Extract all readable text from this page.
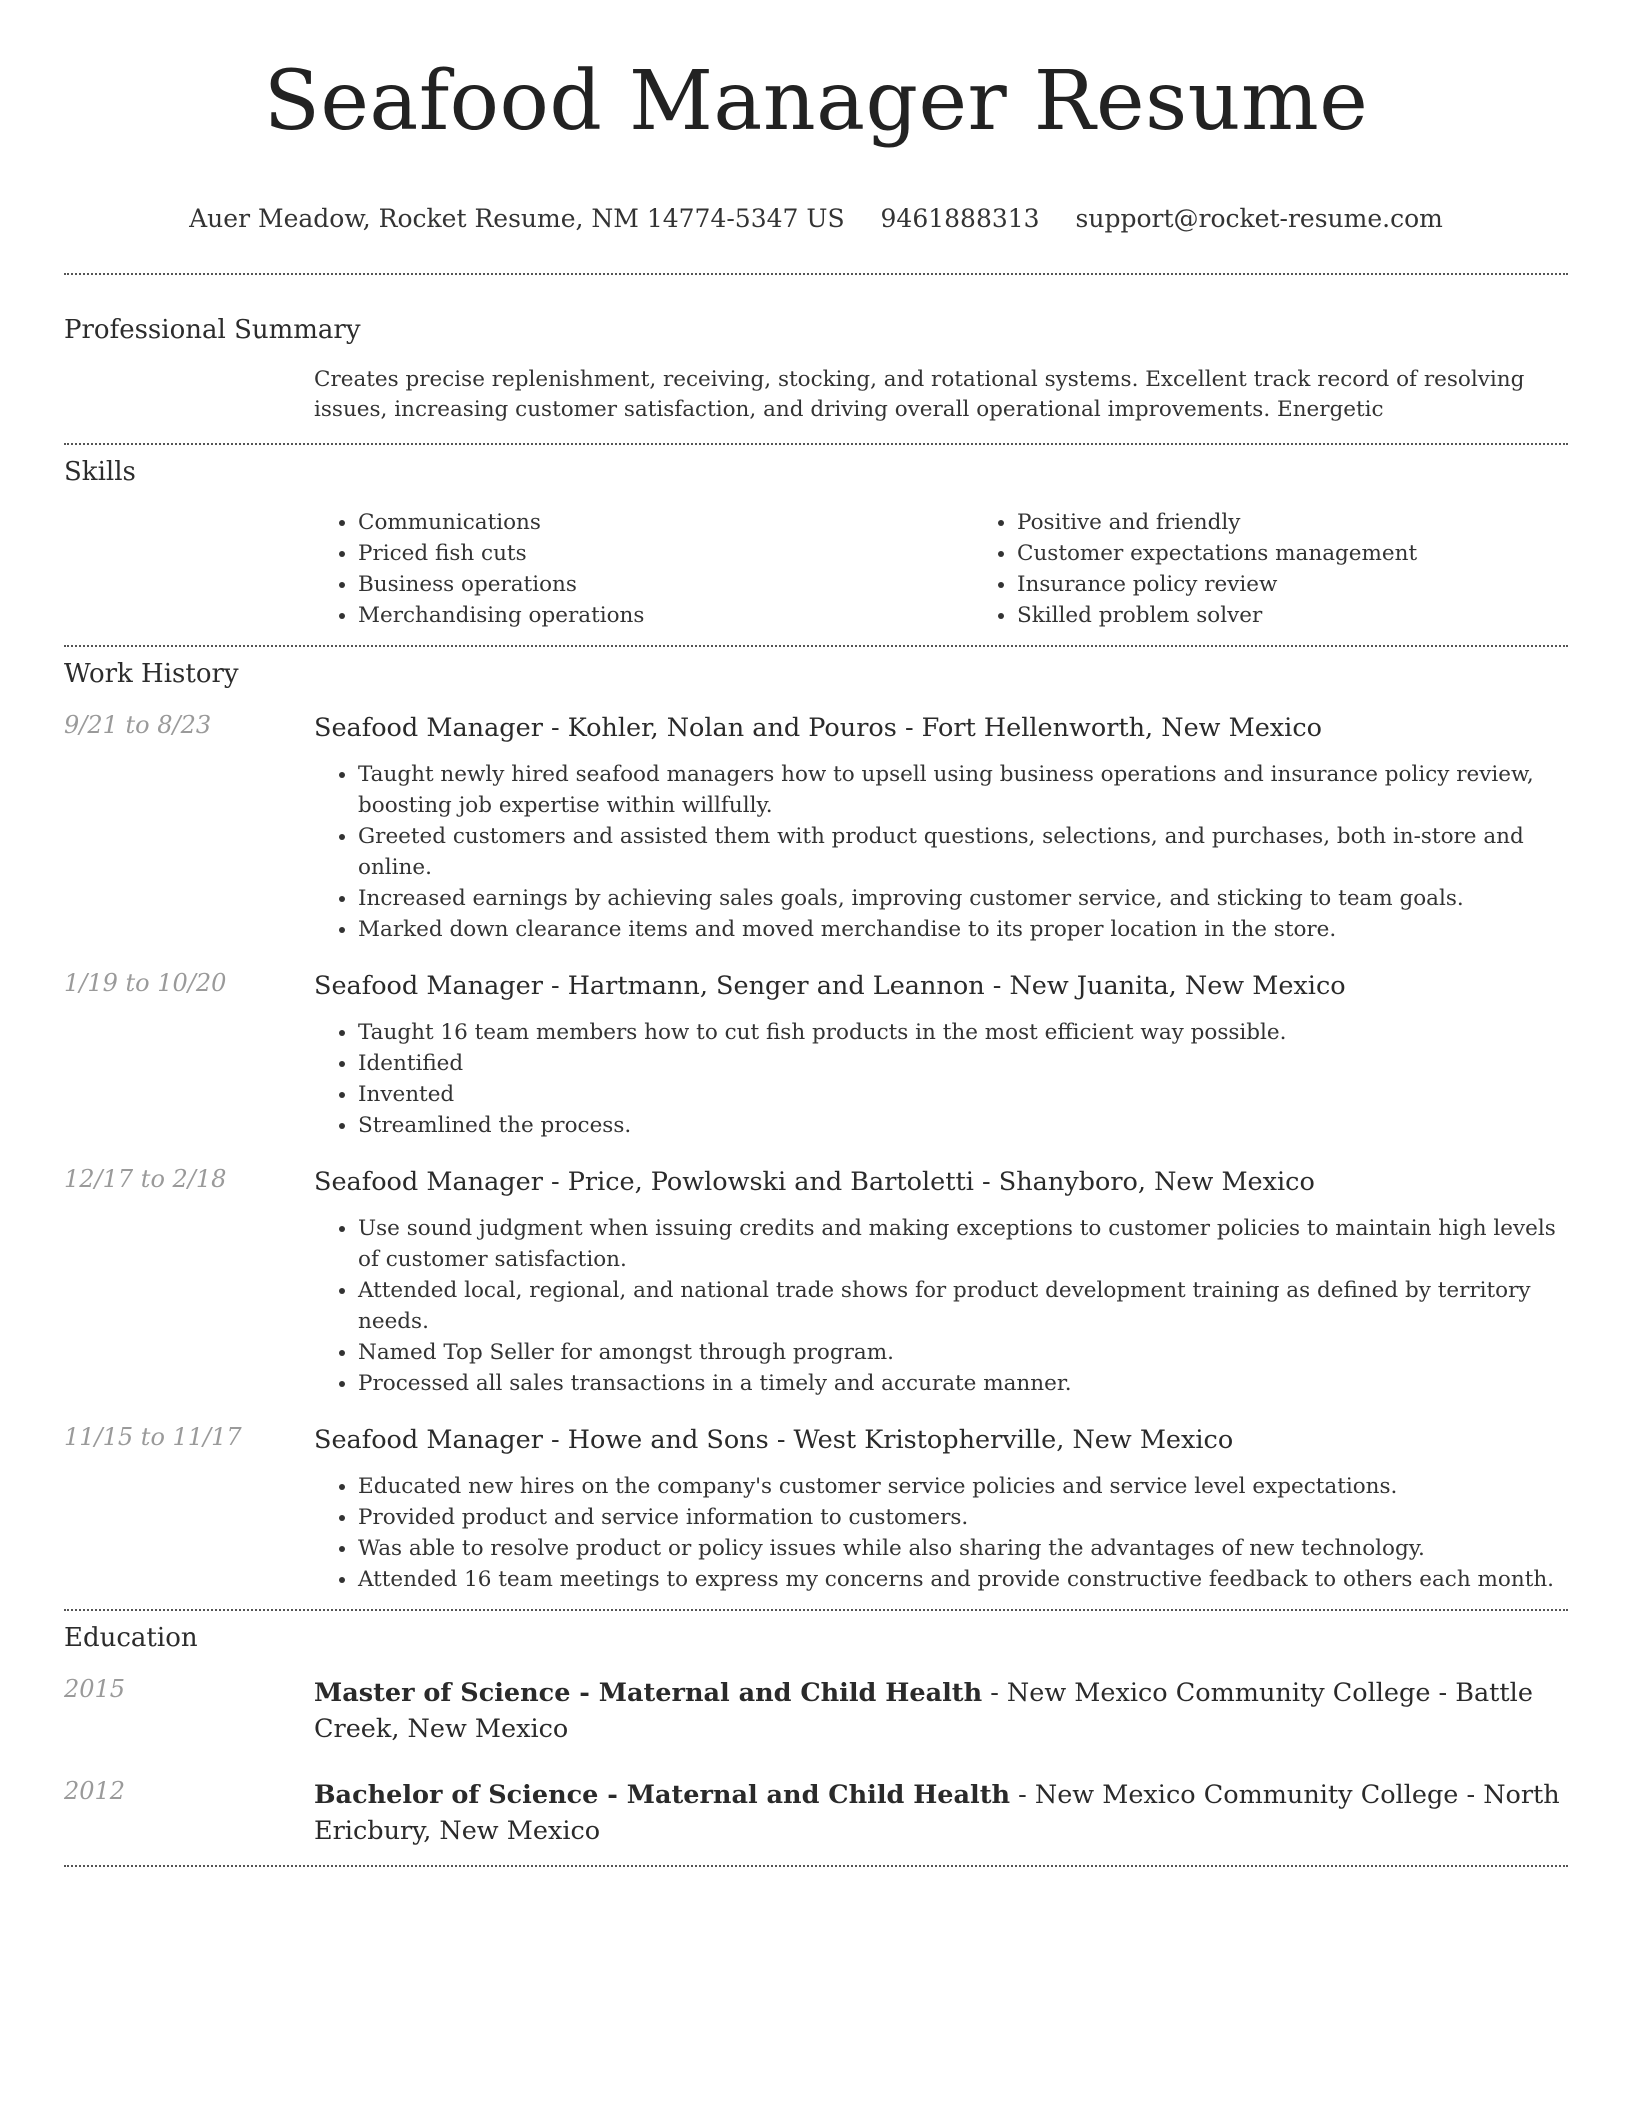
Seafood Manager Resume
Auer Meadow, Rocket Resume, NM 14774-5347 US 9461888313 support@rocket-resume.com
Professional Summary
Creates precise replenishment, receiving, stocking, and rotational systems. Excellent track record of resolving issues, increasing customer satisfaction, and driving overall operational improvements. Energetic
Skills
• Communications
• Priced fish cuts
• Business operations
• Merchandising operations
• Positive and friendly
• Customer expectations management
• Insurance policy review
• Skilled problem solver
Work History
9/21 to 8/23	Seafood Manager - Kohler, Nolan and Pouros - Fort Hellenworth, New Mexico
• Taught newly hired seafood managers how to upsell using business operations and insurance policy review, boosting job expertise within willfully.
• Greeted customers and assisted them with product questions, selections, and purchases, both in-store and online.
• Increased earnings by achieving sales goals, improving customer service, and sticking to team goals.
• Marked down clearance items and moved merchandise to its proper location in the store.
1/19 to 10/20	Seafood Manager - Hartmann, Senger and Leannon - New Juanita, New Mexico
• Taught 16 team members how to cut fish products in the most efficient way possible.
• Identified
• Invented
• Streamlined the process.
12/17 to 2/18	Seafood Manager - Price, Powlowski and Bartoletti - Shanyboro, New Mexico
• Use sound judgment when issuing credits and making exceptions to customer policies to maintain high levels of customer satisfaction.
• Attended local, regional, and national trade shows for product development training as defined by territory needs.
• Named Top Seller for amongst through program.
• Processed all sales transactions in a timely and accurate manner.
11/15 to 11/17	Seafood Manager - Howe and Sons - West Kristopherville, New Mexico
• Educated new hires on the company's customer service policies and service level expectations.
• Provided product and service information to customers.
• Was able to resolve product or policy issues while also sharing the advantages of new technology.
• Attended 16 team meetings to express my concerns and provide constructive feedback to others each month.
Education
2015	Master of Science - Maternal and Child Health - New Mexico Community College - Battle Creek, New Mexico
2012	Bachelor of Science - Maternal and Child Health - New Mexico Community College - North Ericbury, New Mexico
